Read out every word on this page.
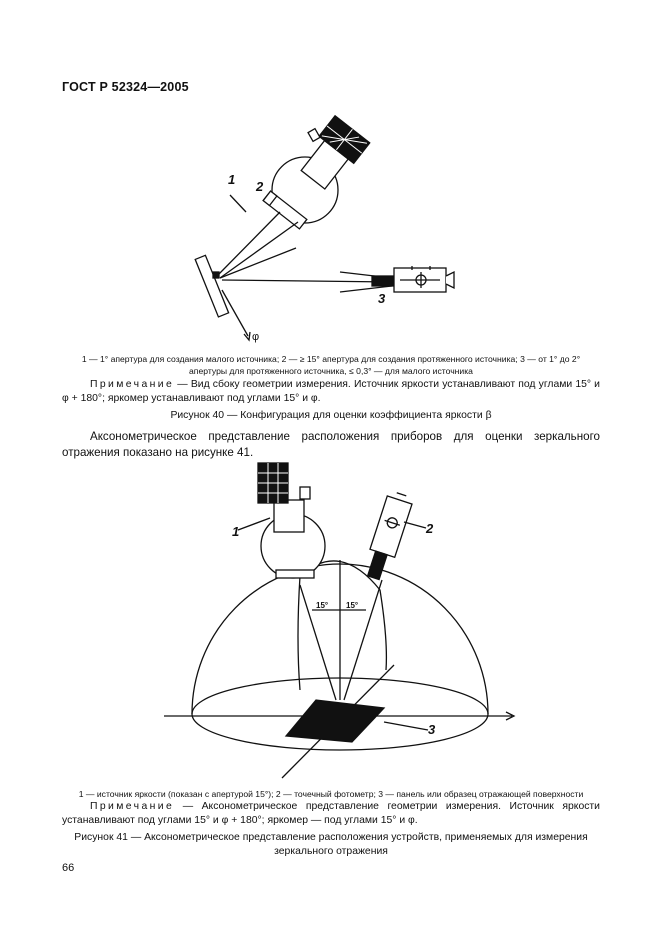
ГОСТ Р 52324—2005
1 2
3
φ
1 — 1° апертура для создания малого источника; 2 — ≥ 15° апертура для создания протяженного источника; 3 — от 1° до 2°
апертуры для протяженного источника, ≤ 0,3° — для малого источника
Примечание — Вид сбоку геометрии измерения. Источник яркости устанавливают под углами 15° и φ + 180°; яркомер устанавливают под углами 15° и φ.
Рисунок 40 — Конфигурация для оценки коэффициента яркости β
Аксонометрическое представление расположения приборов для оценки зеркального отражения показано на рисунке 41.
1	2
3
15° 15°
1 — источник яркости (показан с апертурой 15°); 2 — точечный фотометр; 3 — панель или образец отражающей поверхности
Примечание — Аксонометрическое представление геометрии измерения. Источник яркости устанавливают под углами 15° и φ + 180°; яркомер — под углами 15° и φ.
Рисунок 41 — Аксонометрическое представление расположения устройств, применяемых для измерения
зеркального отражения
66
